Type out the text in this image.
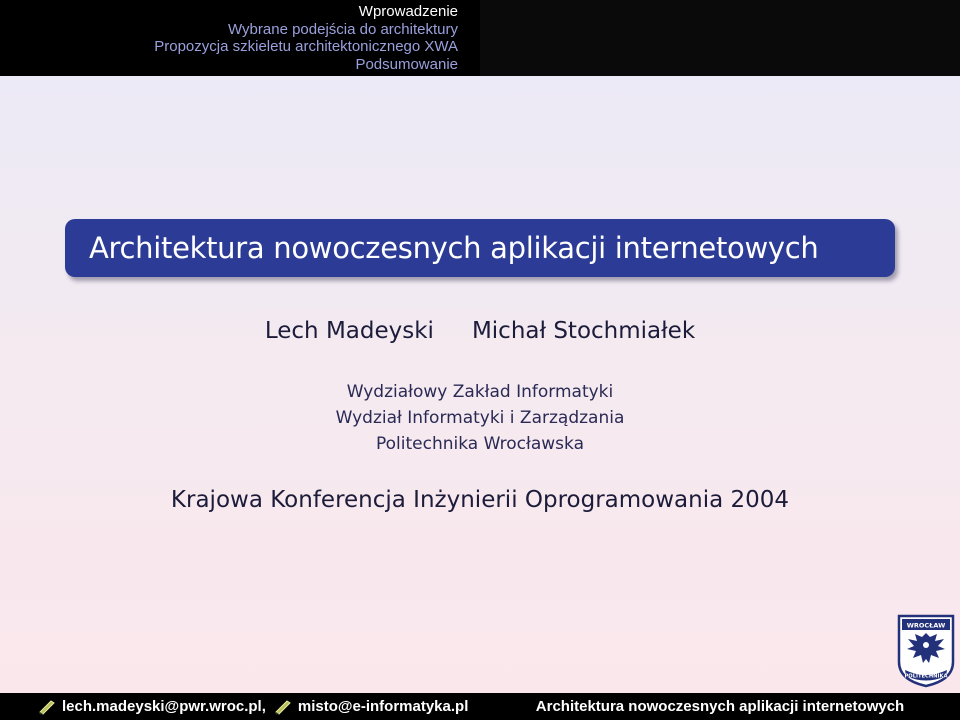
Wprowadzenie
Wybrane podejścia do architektury
Propozycja szkieletu architektonicznego XWA
Podsumowanie
Architektura nowoczesnych aplikacji internetowych
Lech Madeyski Michał Stochmiałek
Wydziałowy Zakład Informatyki
Wydział Informatyki i Zarządzania
Politechnika Wrocławska
Krajowa Konferencja Inżynierii Oprogramowania 2004
WROCŁAW
POLITECHNIKA
lech.madeyski@pwr.wroc.pl, misto@e-informatyka.pl	Architektura nowoczesnych aplikacji internetowych
